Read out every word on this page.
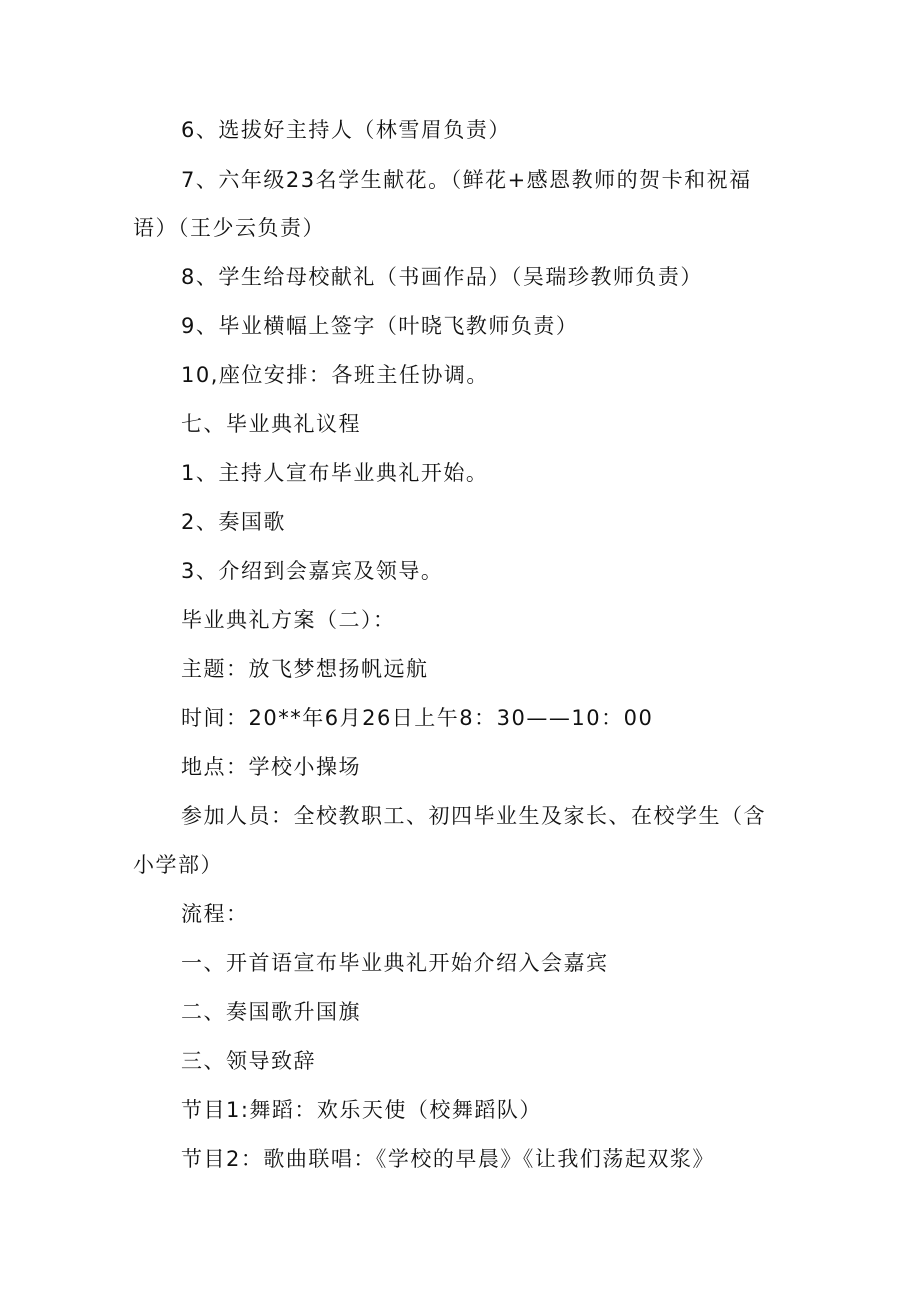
6、选拔好主持人（林雪眉负责）
7、六年级23名学生献花。（鲜花+感恩教师的贺卡和祝福
语）（王少云负责）
8、学生给母校献礼（书画作品）（吴瑞珍教师负责）
9、毕业横幅上签字（叶晓飞教师负责）
10,座位安排：各班主任协调。
七、毕业典礼议程
1、主持人宣布毕业典礼开始。
2、奏国歌
3、介绍到会嘉宾及领导。
毕业典礼方案（二）：
主题：放飞梦想扬帆远航
时间：20**年6月26日上午8：30——10：00
地点：学校小操场
参加人员：全校教职工、初四毕业生及家长、在校学生（含
小学部）
流程：
一、开首语宣布毕业典礼开始介绍入会嘉宾
二、奏国歌升国旗
三、领导致辞
节目1:舞蹈：欢乐天使（校舞蹈队）
节目2：歌曲联唱：《学校的早晨》《让我们荡起双浆》
